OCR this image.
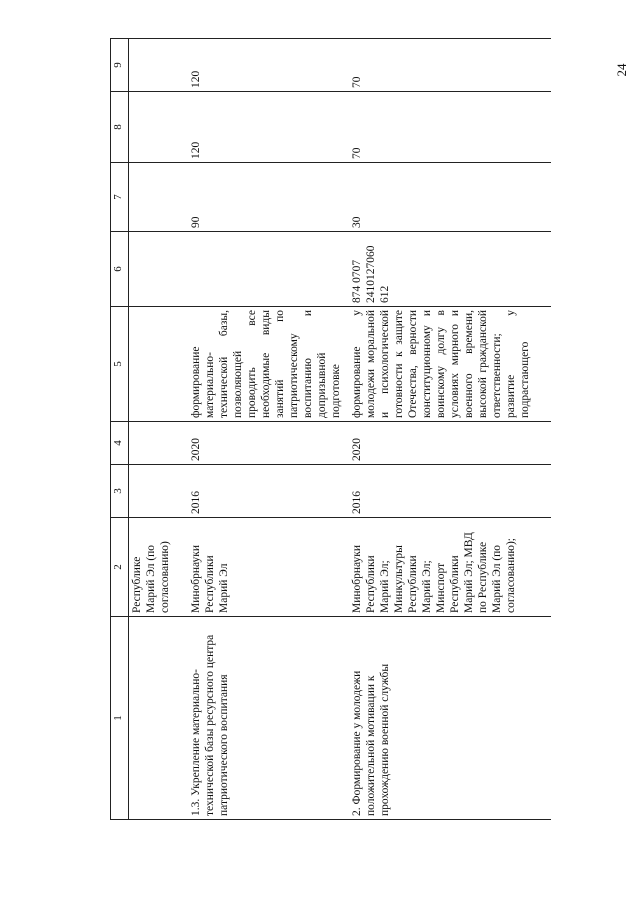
24
1	2	3	4	5	6	7	8	9
	Республике Марий Эл (по согласованию)							
1.3. Укрепление материально-технической базы ресурсного центра патриотического воспитания	Минобрнауки Республики Марий Эл	2016	2020	формирование материально-технической базы, позволяющей проводить все необходимые виды занятий по патриотическому воспитанию и допризывной подготовке		90	120	120
2. Формирование у молодежи положительной мотивации к прохождению военной службы	Минобрнауки Республики Марий Эл; Минкультуры Республики Марий Эл; Минспорт Республики Марий Эл; МВД по Республике Марий Эл (по согласованию);	2016	2020	формирование у молодежи моральной и психологической готовности к защите Отечества, верности конституционному и воинскому долгу в условиях мирного и военного времени, высокой гражданской ответственности; развитие у подрастающего	874 0707 2410127060 612	30	70	70
